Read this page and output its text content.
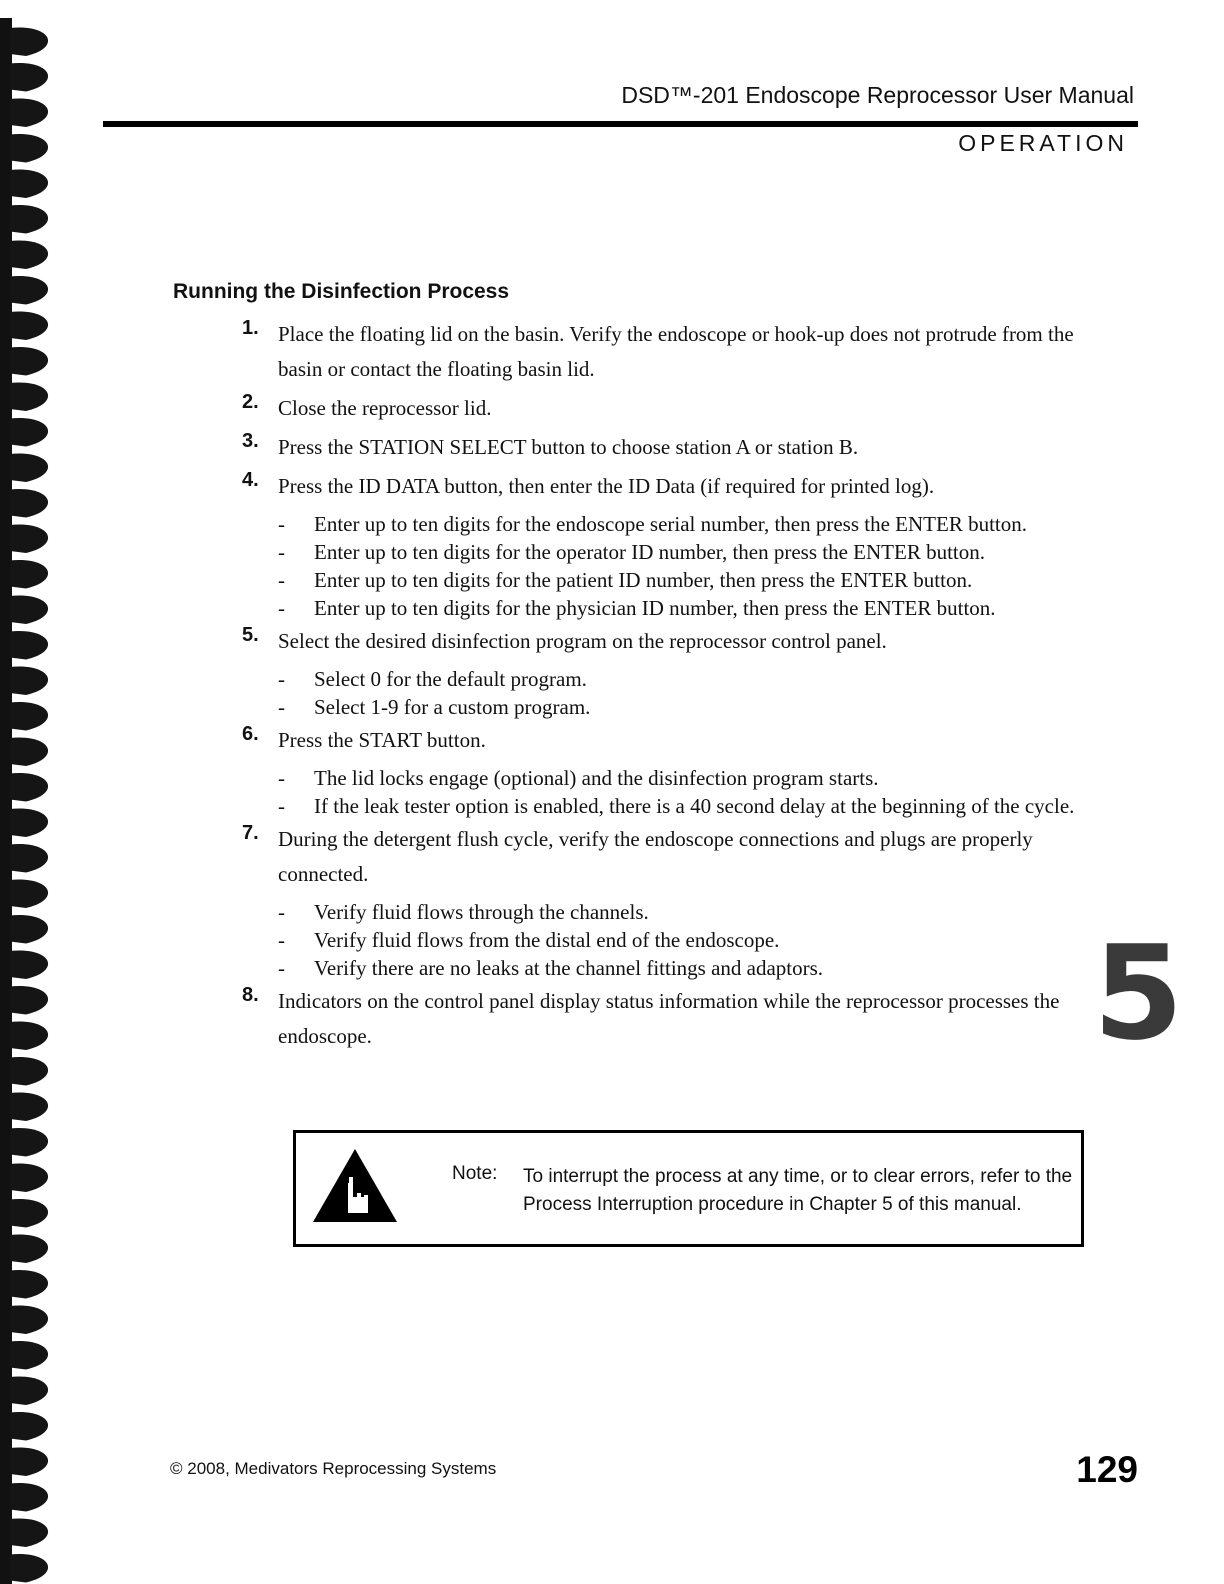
DSD™-201 Endoscope Reprocessor User Manual
OPERATION
Running the Disinfection Process
1. Place the floating lid on the basin. Verify the endoscope or hook-up does not protrude from the basin or contact the floating basin lid.
2. Close the reprocessor lid.
3. Press the STATION SELECT button to choose station A or station B.
4. Press the ID DATA button, then enter the ID Data (if required for printed log).
-	Enter up to ten digits for the endoscope serial number, then press the ENTER button.
-	Enter up to ten digits for the operator ID number, then press the ENTER button.
-	Enter up to ten digits for the patient ID number, then press the ENTER button.
-	Enter up to ten digits for the physician ID number, then press the ENTER button.
5. Select the desired disinfection program on the reprocessor control panel.
-	Select 0 for the default program.
-	Select 1-9 for a custom program.
6. Press the START button.
-	The lid locks engage (optional) and the disinfection program starts.
-	If the leak tester option is enabled, there is a 40 second delay at the beginning of the cycle.
7. During the detergent flush cycle, verify the endoscope connections and plugs are properly connected.
-	Verify fluid flows through the channels.
-	Verify fluid flows from the distal end of the endoscope.
-	Verify there are no leaks at the channel fittings and adaptors.
8. Indicators on the control panel display status information while the reprocessor processes the endoscope.	5
Note: To interrupt the process at any time, or to clear errors, refer to the Process Interruption procedure in Chapter 5 of this manual.
© 2008, Medivators Reprocessing Systems	129
